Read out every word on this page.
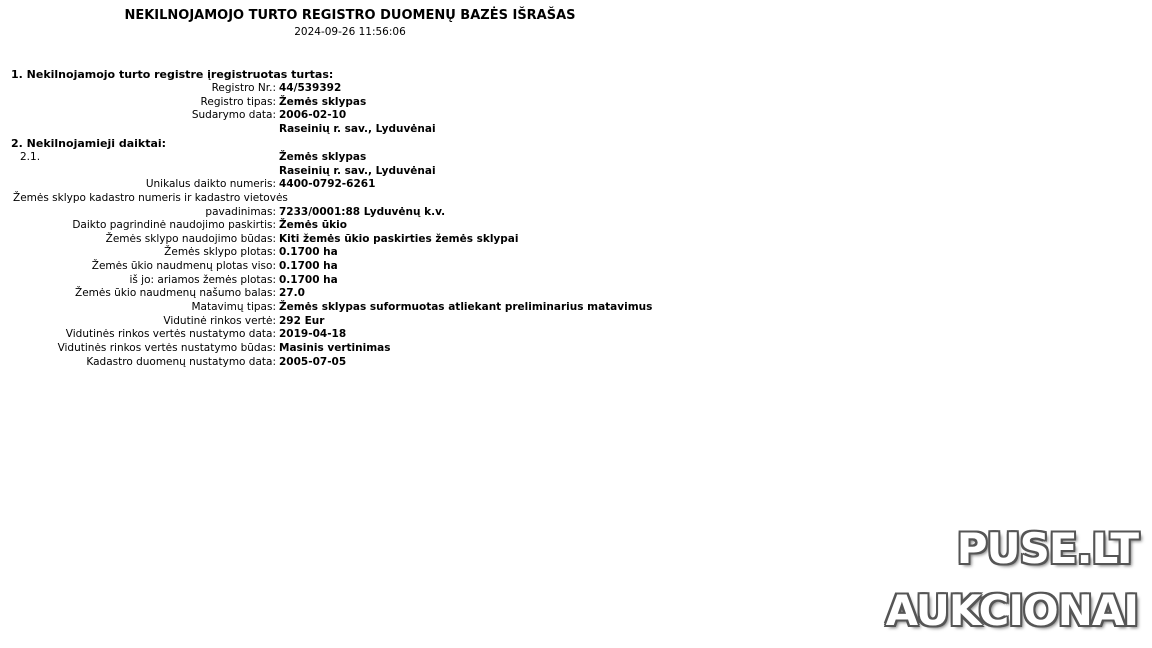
NEKILNOJAMOJO TURTO REGISTRO DUOMENŲ BAZĖS IŠRAŠAS
2024-09-26 11:56:06
1. Nekilnojamojo turto registre įregistruotas turtas:
Registro Nr.: 44/539392
Registro tipas: Žemės sklypas
Sudarymo data: 2006-02-10
Raseinių r. sav., Lyduvėnai
2. Nekilnojamieji daiktai:
2.1.	Žemės sklypas
Raseinių r. sav., Lyduvėnai
Unikalus daikto numeris: 4400-0792-6261
Žemės sklypo kadastro numeris ir kadastro vietovės
pavadinimas: 7233/0001:88 Lyduvėnų k.v.
Daikto pagrindinė naudojimo paskirtis: Žemės ūkio
Žemės sklypo naudojimo būdas: Kiti žemės ūkio paskirties žemės sklypai
Žemės sklypo plotas: 0.1700 ha
Žemės ūkio naudmenų plotas viso: 0.1700 ha
iš jo: ariamos žemės plotas: 0.1700 ha
Žemės ūkio naudmenų našumo balas: 27.0
Matavimų tipas: Žemės sklypas suformuotas atliekant preliminarius matavimus
Vidutinė rinkos vertė: 292 Eur
Vidutinės rinkos vertės nustatymo data: 2019-04-18
Vidutinės rinkos vertės nustatymo būdas: Masinis vertinimas
Kadastro duomenų nustatymo data: 2005-07-05
PUSE.LT
AUKCIONAI
